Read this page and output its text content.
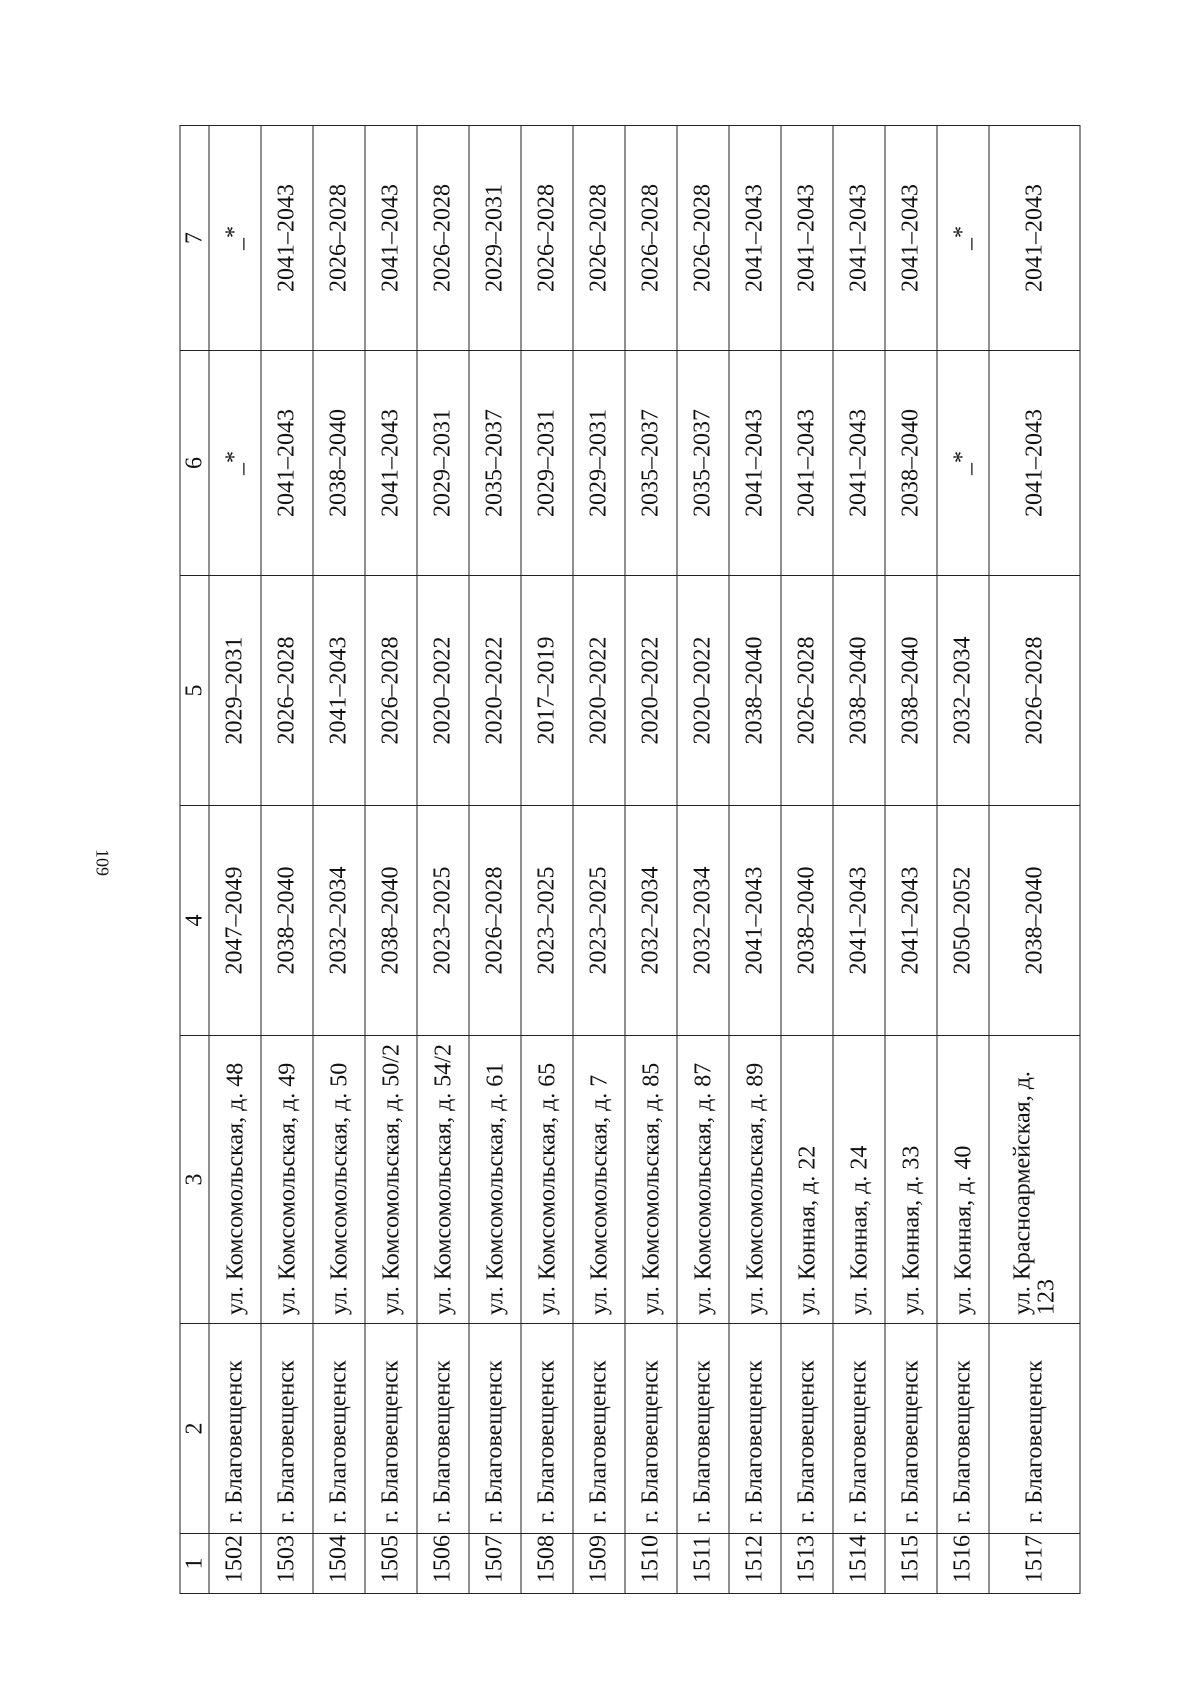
109
1	2	3	4	5	6	7
1502	г. Благовещенск	ул. Комсомольская, д. 48	2047–2049	2029–2031	_*	_*
1503	г. Благовещенск	ул. Комсомольская, д. 49	2038–2040	2026–2028	2041–2043	2041–2043
1504	г. Благовещенск	ул. Комсомольская, д. 50	2032–2034	2041–2043	2038–2040	2026–2028
1505	г. Благовещенск	ул. Комсомольская, д. 50/2	2038–2040	2026–2028	2041–2043	2041–2043
1506	г. Благовещенск	ул. Комсомольская, д. 54/2	2023–2025	2020–2022	2029–2031	2026–2028
1507	г. Благовещенск	ул. Комсомольская, д. 61	2026–2028	2020–2022	2035–2037	2029–2031
1508	г. Благовещенск	ул. Комсомольская, д. 65	2023–2025	2017–2019	2029–2031	2026–2028
1509	г. Благовещенск	ул. Комсомольская, д. 7	2023–2025	2020–2022	2029–2031	2026–2028
1510	г. Благовещенск	ул. Комсомольская, д. 85	2032–2034	2020–2022	2035–2037	2026–2028
1511	г. Благовещенск	ул. Комсомольская, д. 87	2032–2034	2020–2022	2035–2037	2026–2028
1512	г. Благовещенск	ул. Комсомольская, д. 89	2041–2043	2038–2040	2041–2043	2041–2043
1513	г. Благовещенск	ул. Конная, д. 22	2038–2040	2026–2028	2041–2043	2041–2043
1514	г. Благовещенск	ул. Конная, д. 24	2041–2043	2038–2040	2041–2043	2041–2043
1515	г. Благовещенск	ул. Конная, д. 33	2041–2043	2038–2040	2038–2040	2041–2043
1516	г. Благовещенск	ул. Конная, д. 40	2050–2052	2032–2034	_*	_*
1517	г. Благовещенск	ул. Красноармейская, д. 123	2038–2040	2026–2028	2041–2043	2041–2043
